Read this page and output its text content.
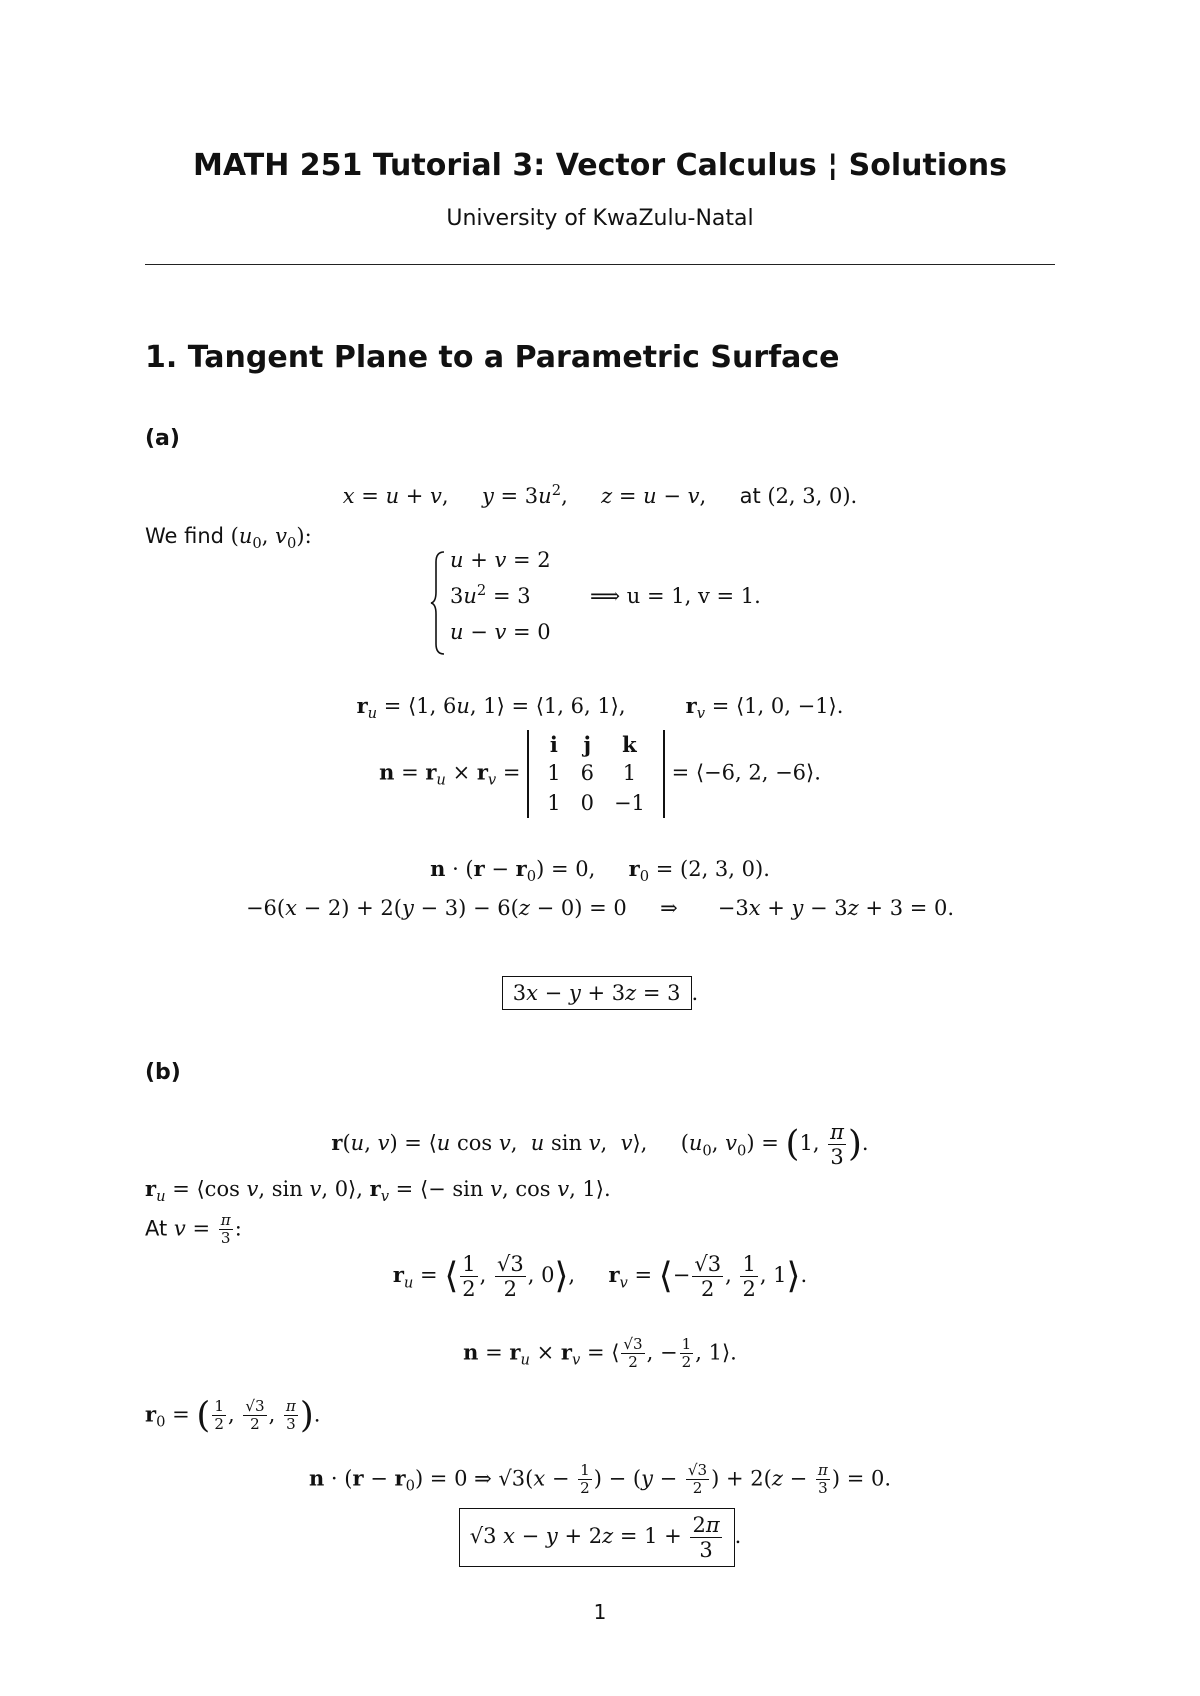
MATH 251 Tutorial 3: Vector Calculus ¦ Solutions
University of KwaZulu-Natal
1. Tangent Plane to a Parametric Surface
(a)
x = u + v,     $y = 3u^2$,     z = u − v,     at (2, 3, 0).
We find ($u_0$, $v_0$):
u + v = 2
$3u^2 = 3$
u − v = 0
⟹ u = 1, v = 1.
$r_u$ = ⟨1, 6u, 1⟩ = ⟨1, 6, 1⟩,         $r_v$ = ⟨1, 0, −1⟩.
$n = r_u \times r_v$ =
i	j	k
1	6	1
1	0	−1
= ⟨−6, 2, −6⟩.
$n \cdot (r - r_0) = 0$,     $r_0 = (2$, 3, 0).
−6(x − 2) + 2(y − 3) − 6(z − 0) = 0     ⇒      −3x + y − 3z + 3 = 0.
3x − y + 3z = 3 .
(b)
r(u, v) = ⟨u cos v,  u sin v,  v⟩,     ($u_0$, $v_0) = (1$, $\frac{\pi}{3}$ ).
$r_u$ = ⟨cos v, sin v, 0⟩, $r_v$ = ⟨− sin v, cos v, 1⟩.
At $v = \frac{\pi}{3}$ :
$r_u$ = ⟨ $\frac{1}{2}$ , $\frac{√3}{2}$ , 0⟩,     $r_v$ = ⟨− $\frac{√3}{2}$ , $\frac{1}{2}$ , 1⟩.
$n = r_u \times r_v$ = ⟨ $\frac{√3}{2}$ , − $\frac{1}{2}$ , 1⟩.
$r_0$ = ( $\frac{1}{2}$ , $\frac{√3}{2}$ , $\frac{\pi}{3}$ ).
$n \cdot (r - r_0) = 0$ ⇒ $√3(x - \frac{1}{2}$ ) − ($y - \frac{√3}{2}$ ) + $2(z - \frac{\pi}{3}$ ) = 0.
√3 $x - y + 2z = 1 + \frac{2\pi}{3}$ .
1
